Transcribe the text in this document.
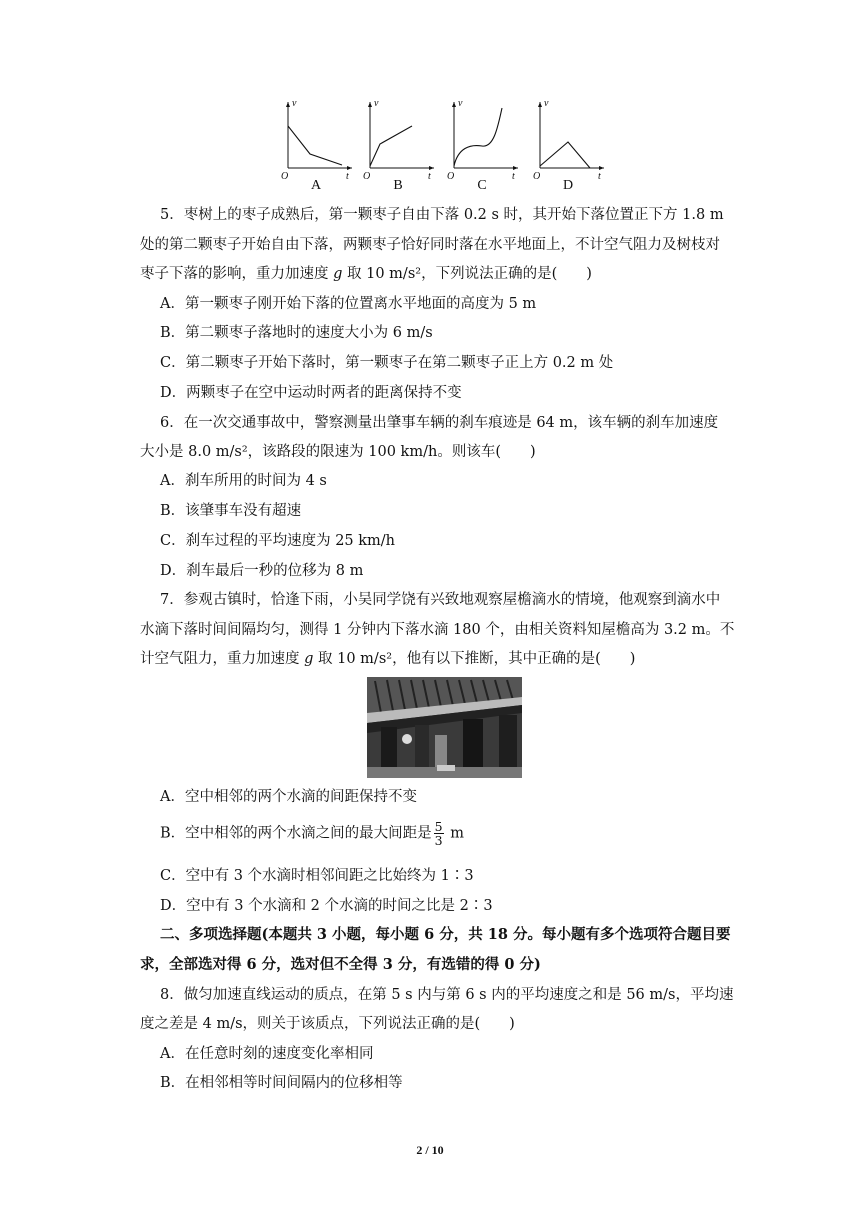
v
t
O
A
v
t
O
B
v
t
O
C
v
t
O
D
5．枣树上的枣子成熟后，第一颗枣子自由下落 0.2 s 时，其开始下落位置正下方 1.8 m
处的第二颗枣子开始自由下落，两颗枣子恰好同时落在水平地面上，不计空气阻力及树枝对
枣子下落的影响，重力加速度 g 取 10 m/s²，下列说法正确的是(　　)
A．第一颗枣子刚开始下落的位置离水平地面的高度为 5 m
B．第二颗枣子落地时的速度大小为 6 m/s
C．第二颗枣子开始下落时，第一颗枣子在第二颗枣子正上方 0.2 m 处
D．两颗枣子在空中运动时两者的距离保持不变
6．在一次交通事故中，警察测量出肇事车辆的刹车痕迹是 64 m，该车辆的刹车加速度
大小是 8.0 m/s²，该路段的限速为 100 km/h。则该车(　　)
A．刹车所用的时间为 4 s
B．该肇事车没有超速
C．刹车过程的平均速度为 25 km/h
D．刹车最后一秒的位移为 8 m
7．参观古镇时，恰逢下雨，小吴同学饶有兴致地观察屋檐滴水的情境，他观察到滴水中
水滴下落时间间隔均匀，测得 1 分钟内下落水滴 180 个，由相关资料知屋檐高为 3.2 m。不
计空气阻力，重力加速度 g 取 10 m/s²，他有以下推断，其中正确的是(　　)
A．空中相邻的两个水滴的间距保持不变
B．空中相邻的两个水滴之间的最大间距是 $\frac{5}{3}$ m
C．空中有 3 个水滴时相邻间距之比始终为 1∶3
D．空中有 3 个水滴和 2 个水滴的时间之比是 2∶3
二、多项选择题(本题共 3 小题，每小题 6 分，共 18 分。每小题有多个选项符合题目要
求，全部选对得 6 分，选对但不全得 3 分，有选错的得 0 分)
8．做匀加速直线运动的质点，在第 5 s 内与第 6 s 内的平均速度之和是 56 m/s，平均速
度之差是 4 m/s，则关于该质点，下列说法正确的是(　　)
A．在任意时刻的速度变化率相同
B．在相邻相等时间间隔内的位移相等
2 / 10
